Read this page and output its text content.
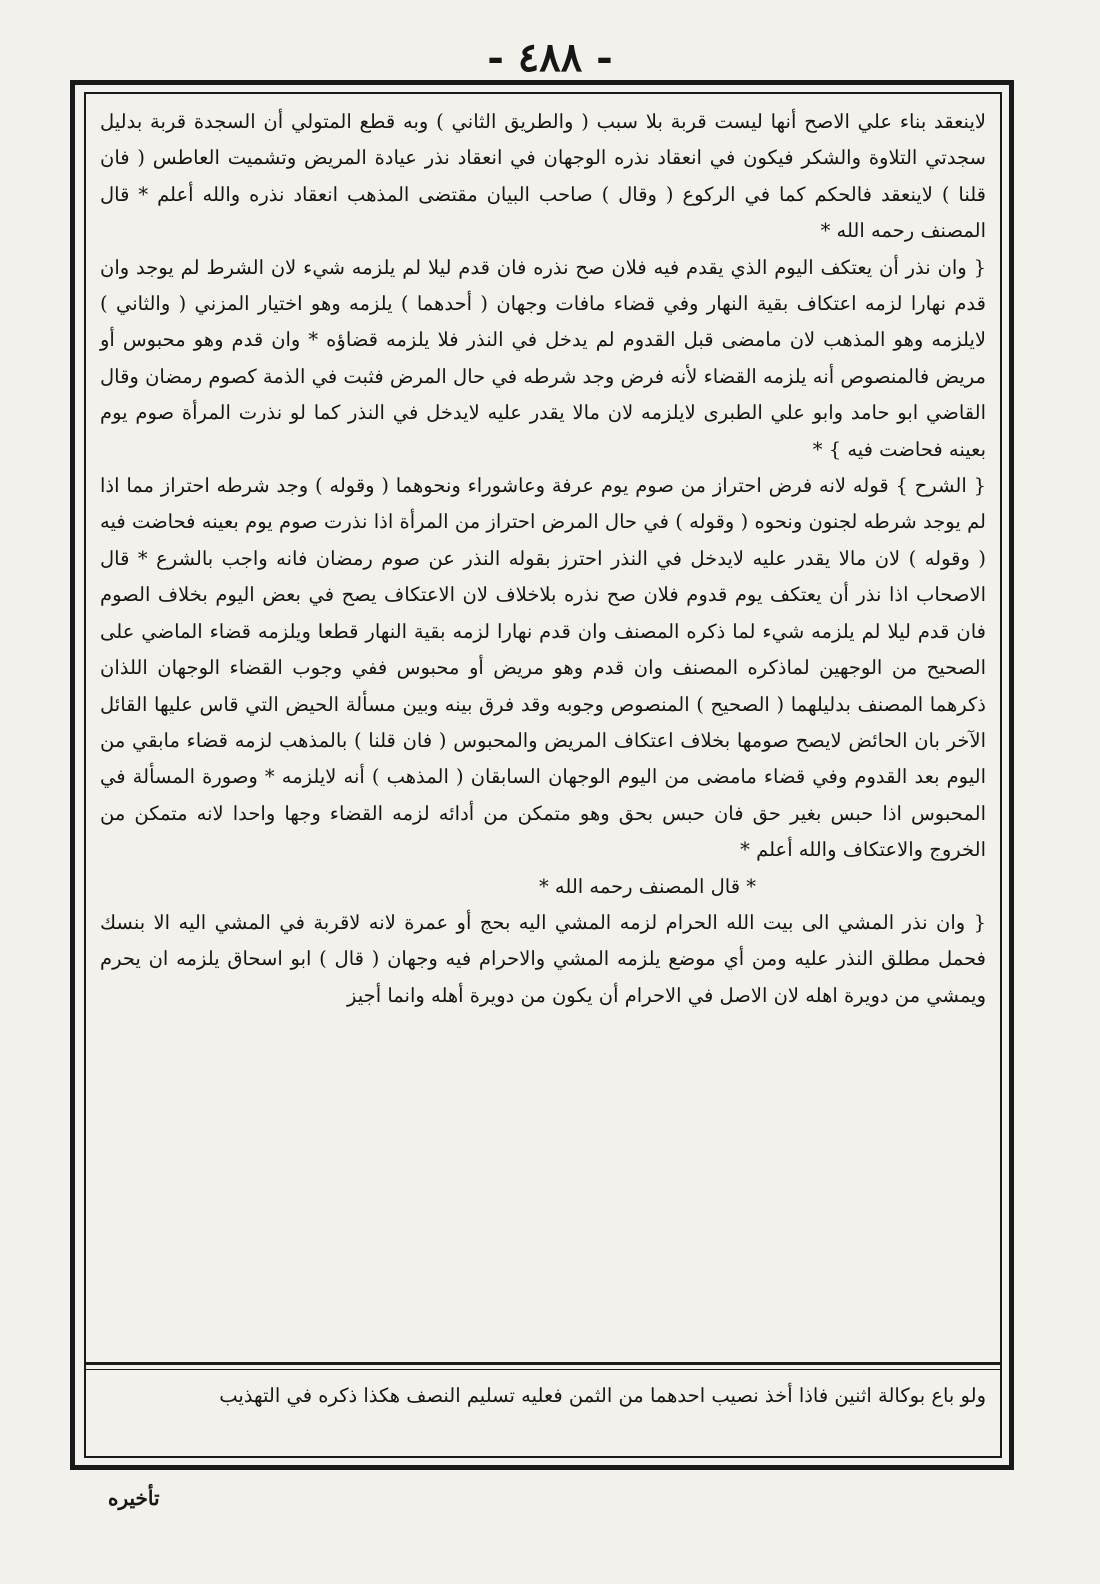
- ٤٨٨ -

لاينعقد بناء علي الاصح أنها ليست قربة بلا سبب ( والطريق الثاني ) وبه قطع المتولي أن السجدة قربة بدليل سجدتي التلاوة والشكر فيكون في انعقاد نذره الوجهان في انعقاد نذر عيادة المريض وتشميت العاطس ( فان قلنا ) لاينعقد فالحكم كما في الركوع ( وقال ) صاحب البيان مقتضى المذهب انعقاد نذره والله أعلم * قال المصنف رحمه الله *

{ وان نذر أن يعتكف اليوم الذي يقدم فيه فلان صح نذره فان قدم ليلا لم يلزمه شيء لان الشرط لم يوجد وان قدم نهارا لزمه اعتكاف بقية النهار وفي قضاء مافات وجهان ( أحدهما ) يلزمه وهو اختيار المزني ( والثاني ) لايلزمه وهو المذهب لان مامضى قبل القدوم لم يدخل في النذر فلا يلزمه قضاؤه * وان قدم وهو محبوس أو مريض فالمنصوص أنه يلزمه القضاء لأنه فرض وجد شرطه في حال المرض فثبت في الذمة كصوم رمضان وقال القاضي ابو حامد وابو علي الطبرى لايلزمه لان مالا يقدر عليه لايدخل في النذر كما لو نذرت المرأة صوم يوم بعينه فحاضت فيه } *

{ الشرح } قوله لانه فرض احتراز من صوم يوم عرفة وعاشوراء ونحوهما ( وقوله ) وجد شرطه احتراز مما اذا لم يوجد شرطه لجنون ونحوه ( وقوله ) في حال المرض احتراز من المرأة اذا نذرت صوم يوم بعينه فحاضت فيه ( وقوله ) لان مالا يقدر عليه لايدخل في النذر احترز بقوله النذر عن صوم رمضان فانه واجب بالشرع * قال الاصحاب اذا نذر أن يعتكف يوم قدوم فلان صح نذره بلاخلاف لان الاعتكاف يصح في بعض اليوم بخلاف الصوم فان قدم ليلا لم يلزمه شيء لما ذكره المصنف وان قدم نهارا لزمه بقية النهار قطعا ويلزمه قضاء الماضي على الصحيح من الوجهين لماذكره المصنف وان قدم وهو مريض أو محبوس ففي وجوب القضاء الوجهان اللذان ذكرهما المصنف بدليلهما ( الصحيح ) المنصوص وجوبه وقد فرق بينه وبين مسألة الحيض التي قاس عليها القائل الآخر بان الحائض لايصح صومها بخلاف اعتكاف المريض والمحبوس ( فان قلنا ) بالمذهب لزمه قضاء مابقي من اليوم بعد القدوم وفي قضاء مامضى من اليوم الوجهان السابقان ( المذهب ) أنه لايلزمه * وصورة المسألة في المحبوس اذا حبس بغير حق فان حبس بحق وهو متمكن من أدائه لزمه القضاء وجها واحدا لانه متمكن من الخروج والاعتكاف والله أعلم *

* قال المصنف رحمه الله *

{ وان نذر المشي الى بيت الله الحرام لزمه المشي اليه بحج أو عمرة لانه لاقربة في المشي اليه الا بنسك فحمل مطلق النذر عليه ومن أي موضع يلزمه المشي والاحرام فيه وجهان ( قال ) ابو اسحاق يلزمه ان يحرم ويمشي من دويرة اهله لان الاصل في الاحرام أن يكون من دويرة أهله وانما أجيز

ولو باع بوكالة اثنين فاذا أخذ نصيب احدهما من الثمن فعليه تسليم النصف هكذا ذكره في التهذيب
تأخيره
